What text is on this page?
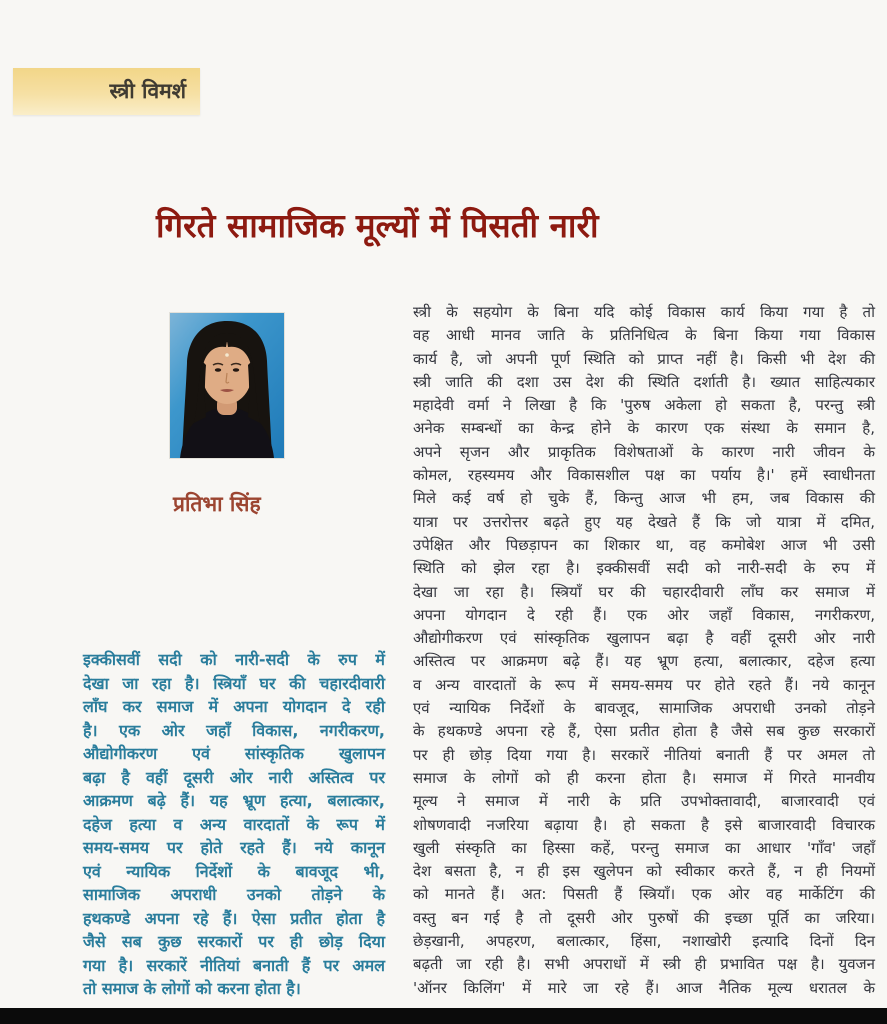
स्त्री विमर्श
गिरते सामाजिक मूल्यों में पिसती नारी
प्रतिभा सिंह
इक्कीसवीं सदी को नारी-सदी के रुप में
देखा जा रहा है। स्त्रियाँ घर की चहारदीवारी
लाँघ कर समाज में अपना योगदान दे रही
है। एक ओर जहाँ विकास, नगरीकरण,
औद्योगीकरण एवं सांस्कृतिक खुलापन
बढ़ा है वहीं दूसरी ओर नारी अस्तित्व पर
आक्रमण बढ़े हैं। यह भ्रूण हत्या, बलात्कार,
दहेज हत्या व अन्य वारदातों के रूप में
समय-समय पर होते रहते हैं। नये कानून
एवं न्यायिक निर्देशों के बावजूद भी,
सामाजिक अपराधी उनको तोड़ने के
हथकण्डे अपना रहे हैं। ऐसा प्रतीत होता है
जैसे सब कुछ सरकारों पर ही छोड़ दिया
गया है। सरकारें नीतियां बनाती हैं पर अमल
तो समाज के लोगों को करना होता है।
स्त्री के सहयोग के बिना यदि कोई विकास कार्य किया गया है तो
वह आधी मानव जाति के प्रतिनिधित्व के बिना किया गया विकास
कार्य है, जो अपनी पूर्ण स्थिति को प्राप्त नहीं है। किसी भी देश की
स्त्री जाति की दशा उस देश की स्थिति दर्शाती है। ख्यात साहित्यकार
महादेवी वर्मा ने लिखा है कि 'पुरुष अकेला हो सकता है, परन्तु स्त्री
अनेक सम्बन्धों का केन्द्र होने के कारण एक संस्था के समान है,
अपने सृजन और प्राकृतिक विशेषताओं के कारण नारी जीवन के
कोमल, रहस्यमय और विकासशील पक्ष का पर्याय है।' हमें स्वाधीनता
मिले कई वर्ष हो चुके हैं, किन्तु आज भी हम, जब विकास की
यात्रा पर उत्तरोत्तर बढ़ते हुए यह देखते हैं कि जो यात्रा में दमित,
उपेक्षित और पिछड़ापन का शिकार था, वह कमोबेश आज भी उसी
स्थिति को झेल रहा है। इक्कीसवीं सदी को नारी-सदी के रुप में
देखा जा रहा है। स्त्रियाँ घर की चहारदीवारी लाँघ कर समाज में
अपना योगदान दे रही हैं। एक ओर जहाँ विकास, नगरीकरण,
औद्योगीकरण एवं सांस्कृतिक खुलापन बढ़ा है वहीं दूसरी ओर नारी
अस्तित्व पर आक्रमण बढ़े हैं। यह भ्रूण हत्या, बलात्कार, दहेज हत्या
व अन्य वारदातों के रूप में समय-समय पर होते रहते हैं। नये कानून
एवं न्यायिक निर्देशों के बावजूद, सामाजिक अपराधी उनको तोड़ने
के हथकण्डे अपना रहे हैं, ऐसा प्रतीत होता है जैसे सब कुछ सरकारों
पर ही छोड़ दिया गया है। सरकारें नीतियां बनाती हैं पर अमल तो
समाज के लोगों को ही करना होता है। समाज में गिरते मानवीय
मूल्य ने समाज में नारी के प्रति उपभोक्तावादी, बाजारवादी एवं
शोषणवादी नजरिया बढ़ाया है। हो सकता है इसे बाजारवादी विचारक
खुली संस्कृति का हिस्सा कहें, परन्तु समाज का आधार 'गाँव' जहाँ
देश बसता है, न ही इस खुलेपन को स्वीकार करते हैं, न ही नियमों
को मानते हैं। अत: पिसती हैं स्त्रियाँ। एक ओर वह मार्केटिंग की
वस्तु बन गई है तो दूसरी ओर पुरुषों की इच्छा पूर्ति का जरिया।
छेड़खानी, अपहरण, बलात्कार, हिंसा, नशाखोरी इत्यादि दिनों दिन
बढ़ती जा रही है। सभी अपराधों में स्त्री ही प्रभावित पक्ष है। युवजन
'ऑनर किलिंग' में मारे जा रहे हैं। आज नैतिक मूल्य धरातल के
